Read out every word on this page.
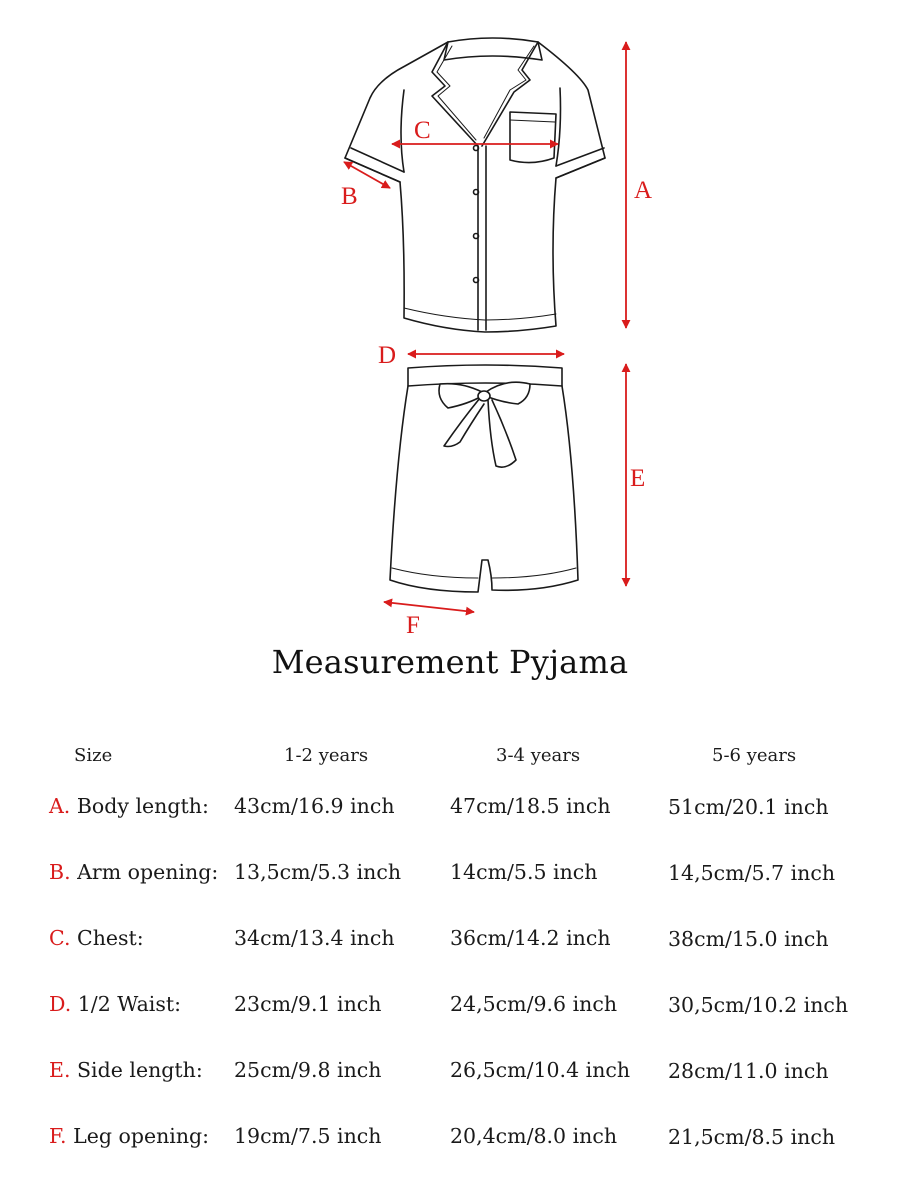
A
B
C
D
E
F
Measurement Pyjama
Size	1-2 years	3-4 years	5-6 years
A. Body length: 43cm/16.9 inch	47cm/18.5 inch	51cm/20.1 inch
B. Arm opening: 13,5cm/5.3 inch 14cm/5.5 inch	14,5cm/5.7 inch
C. Chest:	34cm/13.4 inch	36cm/14.2 inch	38cm/15.0 inch
D. 1/2 Waist:	23cm/9.1 inch	24,5cm/9.6 inch 30,5cm/10.2 inch
E. Side length: 25cm/9.8 inch	26,5cm/10.4 inch 28cm/11.0 inch
F. Leg opening: 19cm/7.5 inch	20,4cm/8.0 inch 21,5cm/8.5 inch
